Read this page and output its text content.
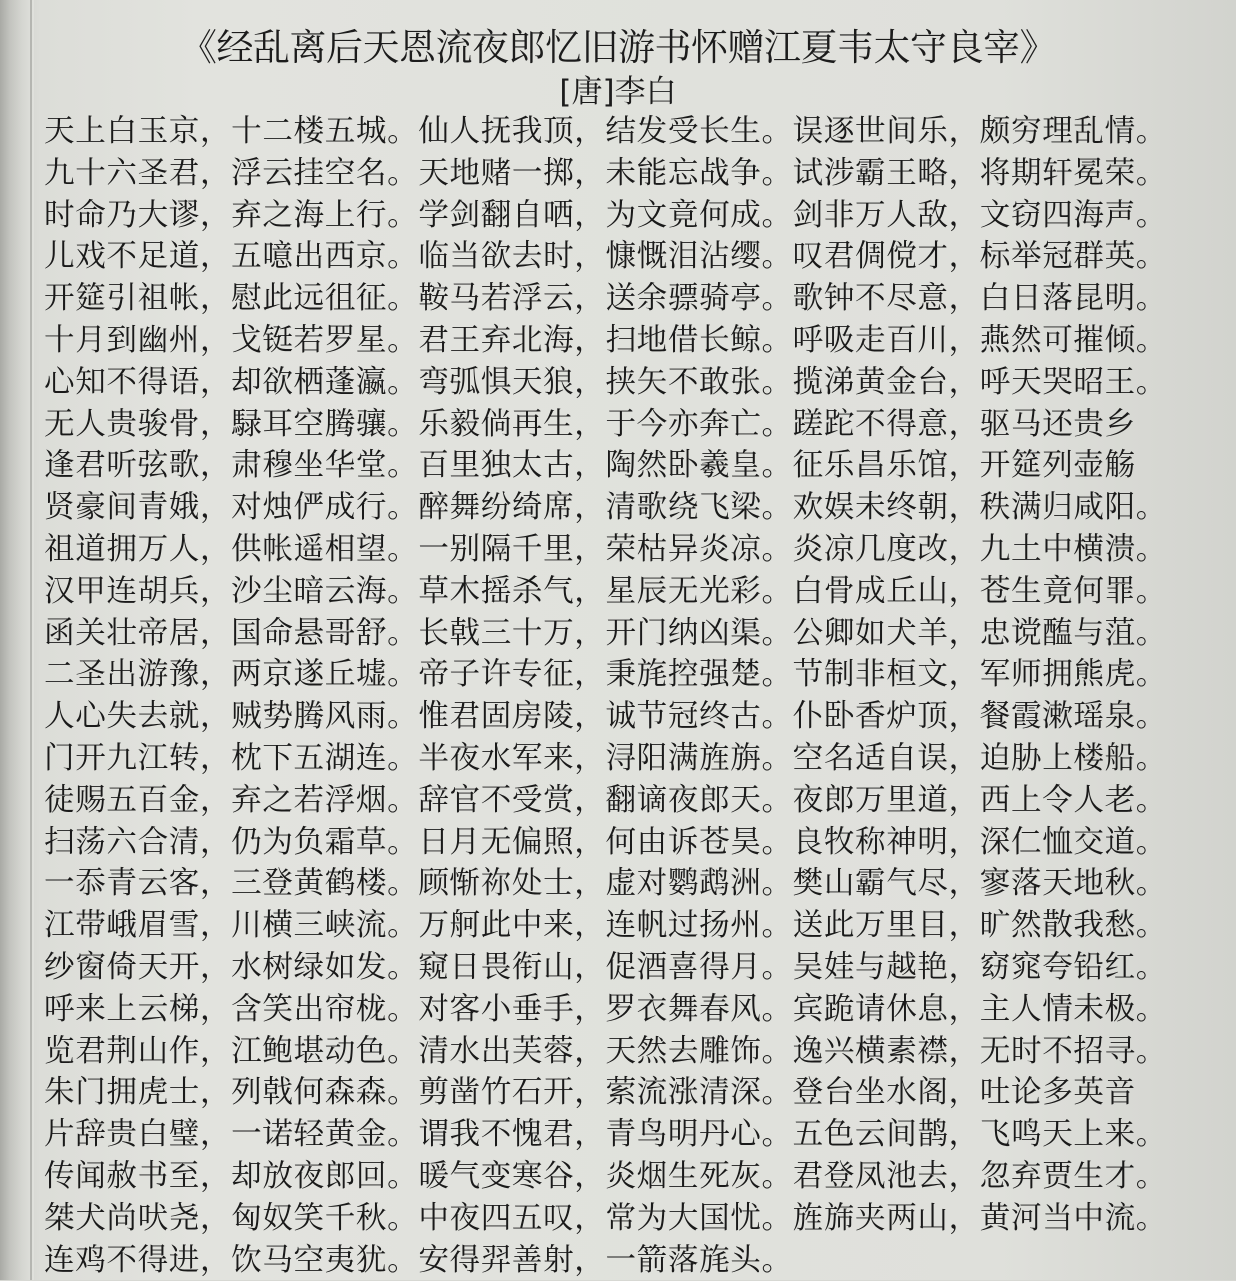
《经乱离后天恩流夜郎忆旧游书怀赠江夏韦太守良宰》
[唐]李白
天上白玉京，十二楼五城。仙人抚我顶，结发受长生。误逐世间乐，颇穷理乱情。
九十六圣君，浮云挂空名。天地赌一掷，未能忘战争。试涉霸王略，将期轩冕荣。
时命乃大谬，弃之海上行。学剑翻自哂，为文竟何成。剑非万人敌，文窃四海声。
儿戏不足道，五噫出西京。临当欲去时，慷慨泪沾缨。叹君倜傥才，标举冠群英。
开筵引祖帐，慰此远徂征。鞍马若浮云，送余骠骑亭。歌钟不尽意，白日落昆明。
十月到幽州，戈铤若罗星。君王弃北海，扫地借长鲸。呼吸走百川，燕然可摧倾。
心知不得语，却欲栖蓬瀛。弯弧惧天狼，挟矢不敢张。揽涕黄金台，呼天哭昭王。
无人贵骏骨，騄耳空腾骧。乐毅倘再生，于今亦奔亡。蹉跎不得意，驱马还贵乡
逢君听弦歌，肃穆坐华堂。百里独太古，陶然卧羲皇。征乐昌乐馆，开筵列壶觞
贤豪间青娥，对烛俨成行。醉舞纷绮席，清歌绕飞梁。欢娱未终朝，秩满归咸阳。
祖道拥万人，供帐遥相望。一别隔千里，荣枯异炎凉。炎凉几度改，九土中横溃。
汉甲连胡兵，沙尘暗云海。草木摇杀气，星辰无光彩。白骨成丘山，苍生竟何罪。
函关壮帝居，国命悬哥舒。长戟三十万，开门纳凶渠。公卿如犬羊，忠谠醢与菹。
二圣出游豫，两京遂丘墟。帝子许专征，秉旄控强楚。节制非桓文，军师拥熊虎。
人心失去就，贼势腾风雨。惟君固房陵，诚节冠终古。仆卧香炉顶，餐霞漱瑶泉。
门开九江转，枕下五湖连。半夜水军来，浔阳满旌旃。空名适自误，迫胁上楼船。
徒赐五百金，弃之若浮烟。辞官不受赏，翻谪夜郎天。夜郎万里道，西上令人老。
扫荡六合清，仍为负霜草。日月无偏照，何由诉苍昊。良牧称神明，深仁恤交道。
一忝青云客，三登黄鹤楼。顾惭祢处士，虚对鹦鹉洲。樊山霸气尽，寥落天地秋。
江带峨眉雪，川横三峡流。万舸此中来，连帆过扬州。送此万里目，旷然散我愁。
纱窗倚天开，水树绿如发。窥日畏衔山，促酒喜得月。吴娃与越艳，窈窕夸铅红。
呼来上云梯，含笑出帘栊。对客小垂手，罗衣舞春风。宾跪请休息，主人情未极。
览君荆山作，江鲍堪动色。清水出芙蓉，天然去雕饰。逸兴横素襟，无时不招寻。
朱门拥虎士，列戟何森森。剪凿竹石开，萦流涨清深。登台坐水阁，吐论多英音
片辞贵白璧，一诺轻黄金。谓我不愧君，青鸟明丹心。五色云间鹊，飞鸣天上来。
传闻赦书至，却放夜郎回。暖气变寒谷，炎烟生死灰。君登凤池去，忽弃贾生才。
桀犬尚吠尧，匈奴笑千秋。中夜四五叹，常为大国忧。旌旆夹两山，黄河当中流。
连鸡不得进，饮马空夷犹。安得羿善射，一箭落旄头。
